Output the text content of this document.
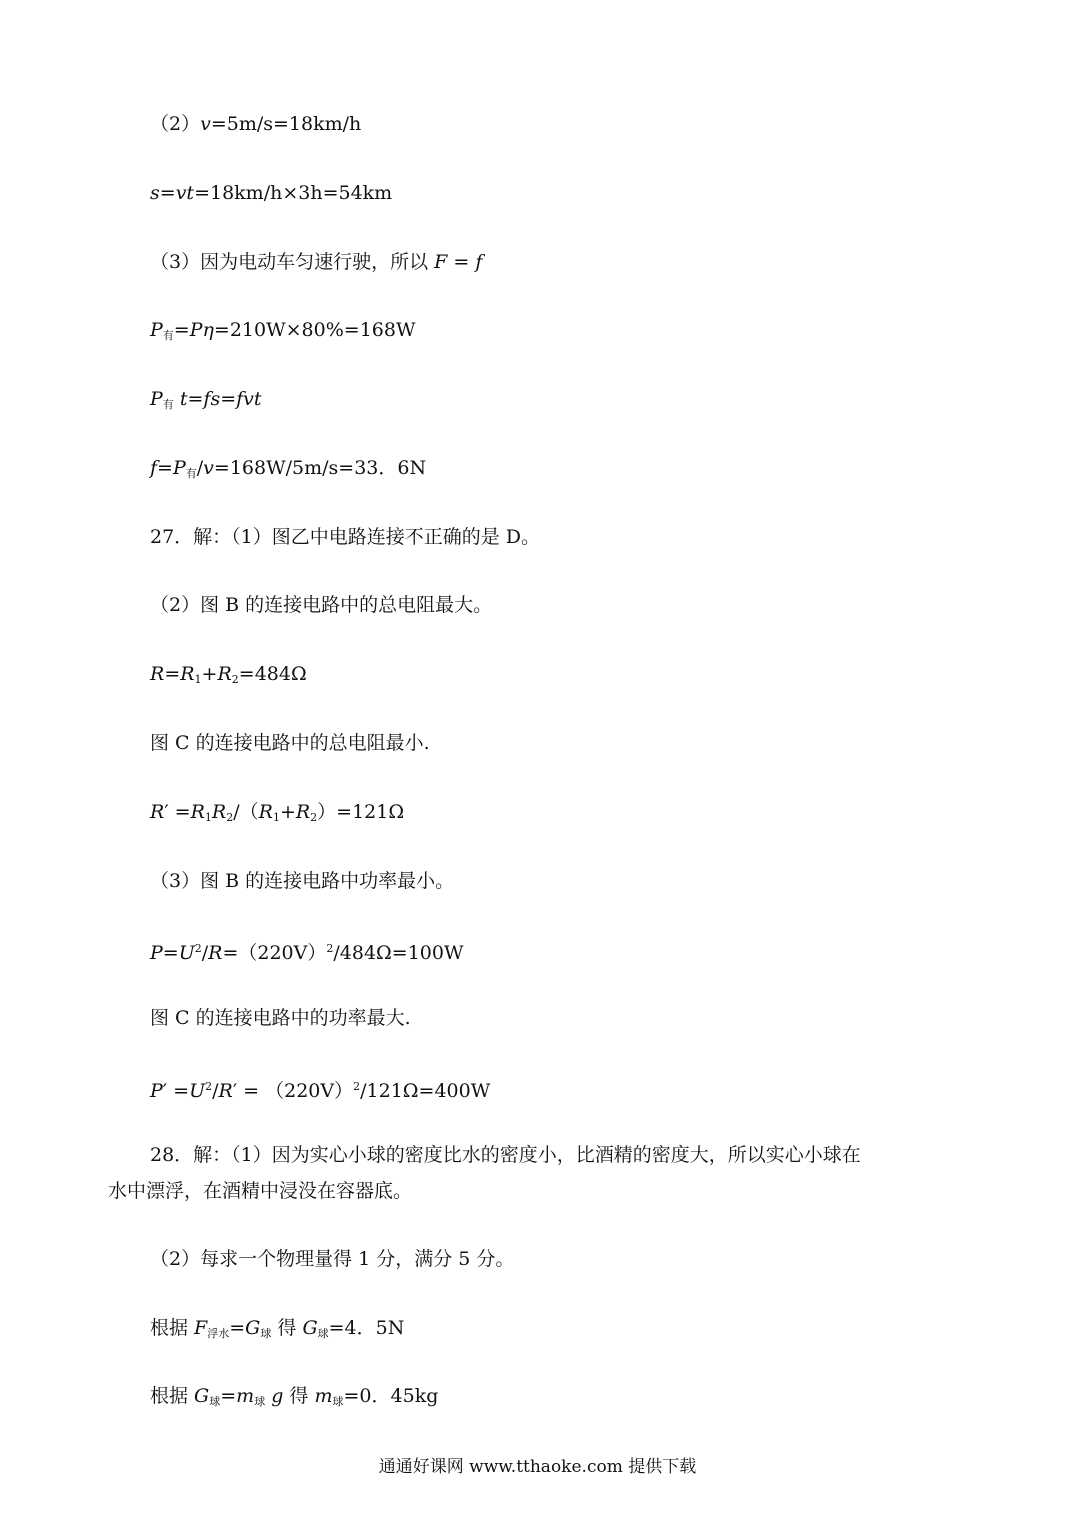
（2）v=5m/s=18km/h
s=vt=18km/h×3h=54km
（3）因为电动车匀速行驶，所以 F = f
$P_有=P\eta=210W\times 80\%=168W$
$P_有$ t=fs=fvt
$f=P_有/v=168W/5m/s=33$．6N
27．解：（1）图乙中电路连接不正确的是 D。
（2）图 B 的连接电路中的总电阻最大。
$R=R_1+R_2=484\Omega$
图 C 的连接电路中的总电阻最小.
$R' =R_1R_2/(R_1+R_2)=121\Omega$
（3）图 B 的连接电路中功率最小。
$P=U^2/R=(220V)^2/484\Omega=100W$
图 C 的连接电路中的功率最大.
$P' =U^2/R' = (220V)^2/121\Omega=400W$
28．解：（1）因为实心小球的密度比水的密度小，比酒精的密度大，所以实心小球在
水中漂浮，在酒精中浸没在容器底。
（2）每求一个物理量得 1 分，满分 5 分。
根据 $F_{浮水}=G_球$ 得 $G_球=4$．5N
根据 $G_球=m_球$ g 得 $m_球=0$．45kg
通通好课网 www.tthaoke.com 提供下载
